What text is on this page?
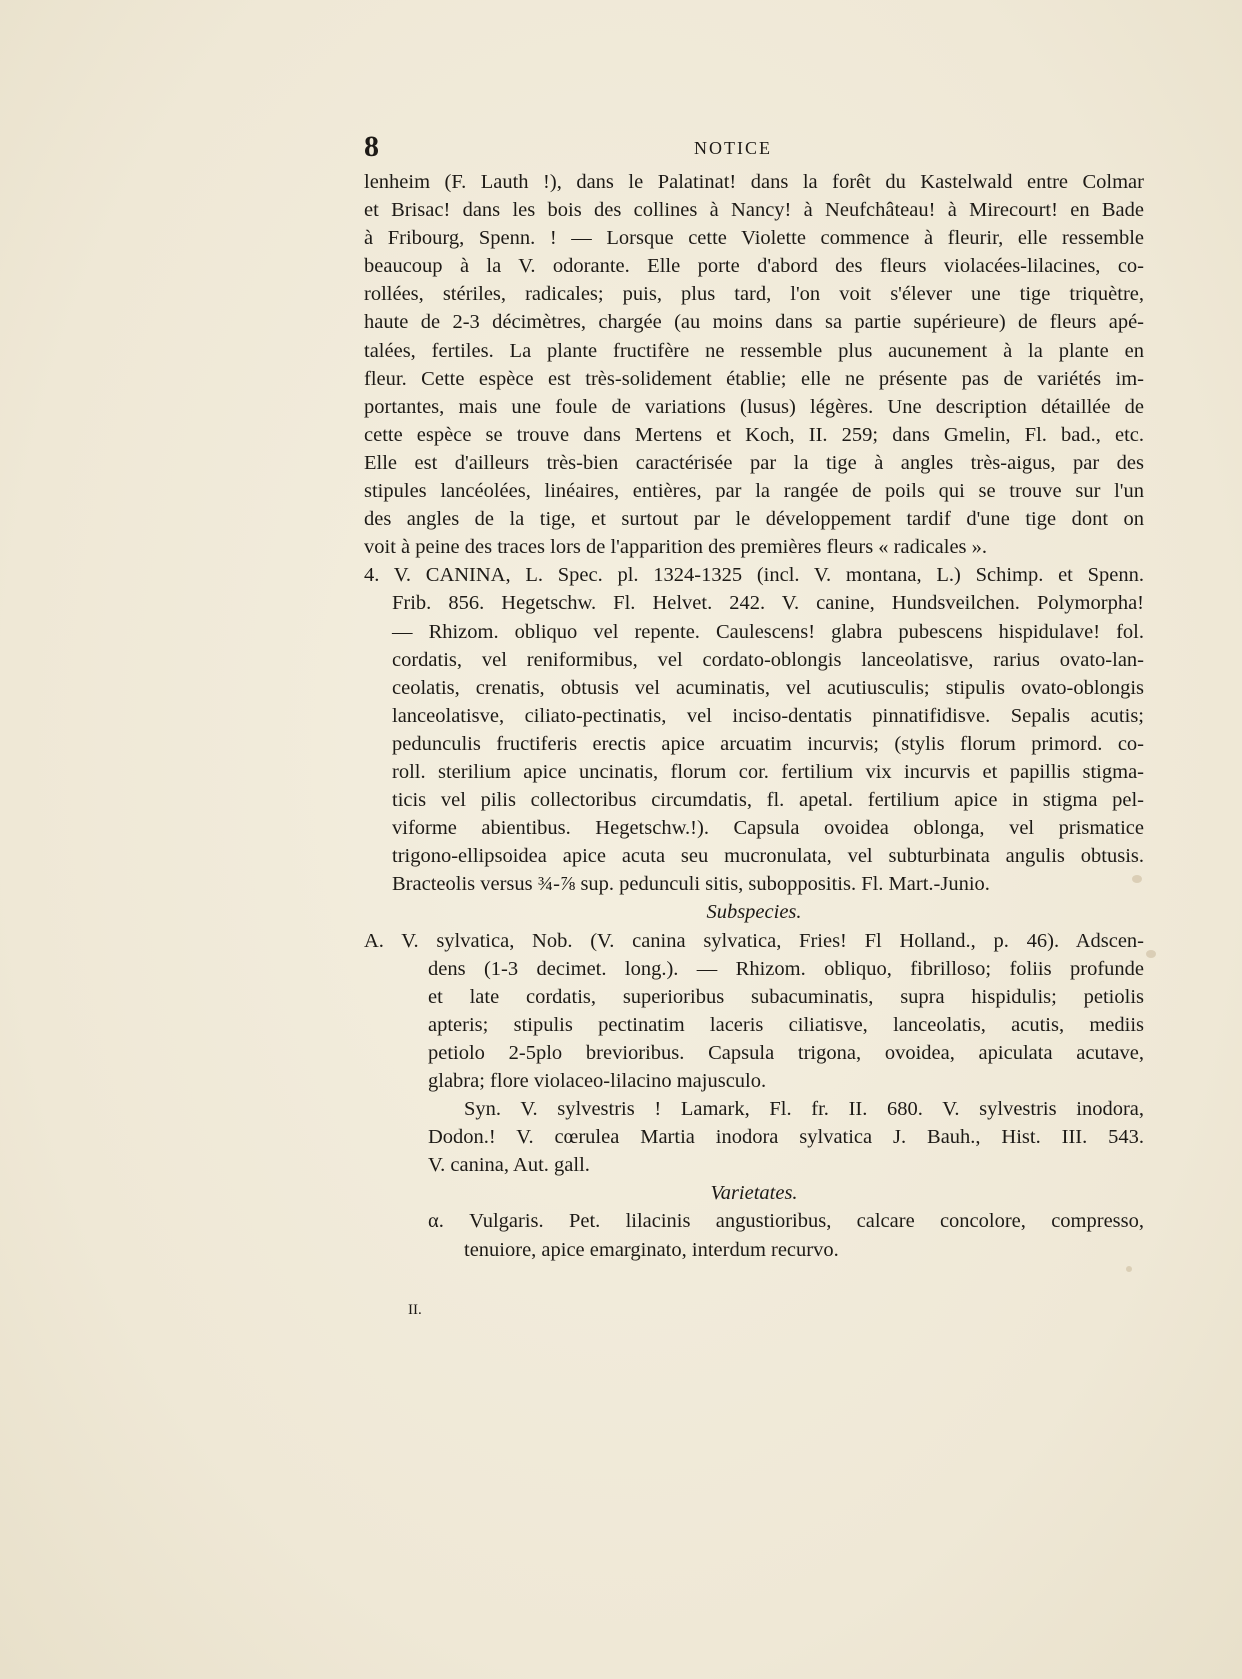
8	NOTICE
lenheim (F. Lauth !), dans le Palatinat! dans la forêt du Kastelwald entre Colmar
et Brisac! dans les bois des collines à Nancy! à Neufchâteau! à Mirecourt! en Bade
à Fribourg, Spenn. ! — Lorsque cette Violette commence à fleurir, elle ressemble
beaucoup à la V. odorante. Elle porte d'abord des fleurs violacées-lilacines, co-
rollées, stériles, radicales; puis, plus tard, l'on voit s'élever une tige triquètre,
haute de 2-3 décimètres, chargée (au moins dans sa partie supérieure) de fleurs apé-
talées, fertiles. La plante fructifère ne ressemble plus aucunement à la plante en
fleur. Cette espèce est très-solidement établie; elle ne présente pas de variétés im-
portantes, mais une foule de variations (lusus) légères. Une description détaillée de
cette espèce se trouve dans Mertens et Koch, II. 259; dans Gmelin, Fl. bad., etc.
Elle est d'ailleurs très-bien caractérisée par la tige à angles très-aigus, par des
stipules lancéolées, linéaires, entières, par la rangée de poils qui se trouve sur l'un
des angles de la tige, et surtout par le développement tardif d'une tige dont on
voit à peine des traces lors de l'apparition des premières fleurs « radicales ».
4. V. CANINA, L. Spec. pl. 1324-1325 (incl. V. montana, L.) Schimp. et Spenn.
Frib. 856. Hegetschw. Fl. Helvet. 242. V. canine, Hundsveilchen. Polymorpha!
— Rhizom. obliquo vel repente. Caulescens! glabra pubescens hispidulave! fol.
cordatis, vel reniformibus, vel cordato-oblongis lanceolatisve, rarius ovato-lan-
ceolatis, crenatis, obtusis vel acuminatis, vel acutiusculis; stipulis ovato-oblongis
lanceolatisve, ciliato-pectinatis, vel inciso-dentatis pinnatifidisve. Sepalis acutis;
pedunculis fructiferis erectis apice arcuatim incurvis; (stylis florum primord. co-
roll. sterilium apice uncinatis, florum cor. fertilium vix incurvis et papillis stigma-
ticis vel pilis collectoribus circumdatis, fl. apetal. fertilium apice in stigma pel-
viforme abientibus. Hegetschw.!). Capsula ovoidea oblonga, vel prismatice
trigono-ellipsoidea apice acuta seu mucronulata, vel subturbinata angulis obtusis.
Bracteolis versus ¾-⅞ sup. pedunculi sitis, suboppositis. Fl. Mart.-Junio.
Subspecies.
A. V. sylvatica, Nob. (V. canina sylvatica, Fries! Fl Holland., p. 46). Adscen-
dens (1-3 decimet. long.). — Rhizom. obliquo, fibrilloso; foliis profunde
et late cordatis, superioribus subacuminatis, supra hispidulis; petiolis
apteris; stipulis pectinatim laceris ciliatisve, lanceolatis, acutis, mediis
petiolo 2-5plo brevioribus. Capsula trigona, ovoidea, apiculata acutave,
glabra; flore violaceo-lilacino majusculo.
Syn. V. sylvestris ! Lamark, Fl. fr. II. 680. V. sylvestris inodora,
Dodon.! V. cœrulea Martia inodora sylvatica J. Bauh., Hist. III. 543.
V. canina, Aut. gall.
Varietates.
α. Vulgaris. Pet. lilacinis angustioribus, calcare concolore, compresso,
tenuiore, apice emarginato, interdum recurvo.
II.
